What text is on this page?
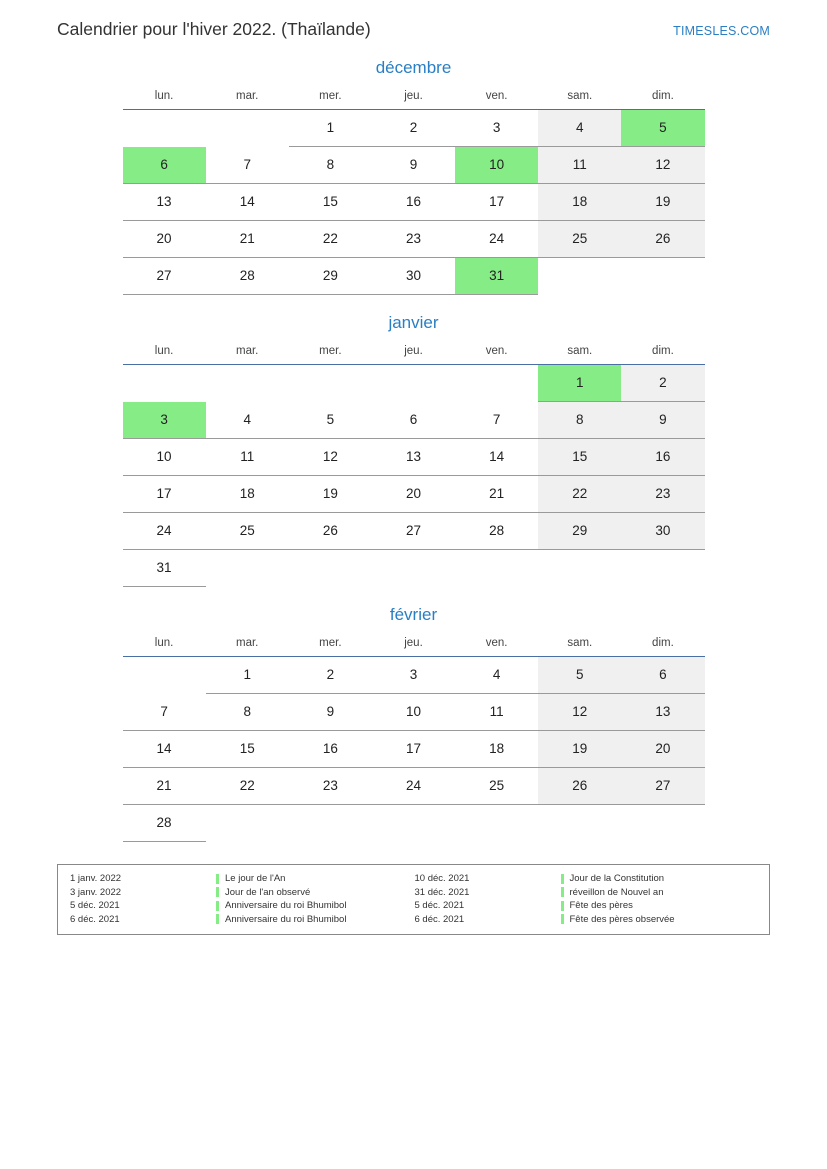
Calendrier pour l'hiver 2022. (Thaïlande)	TIMESLES.COM
décembre
lun.	mar.	mer.	jeu.	ven.	sam.	dim.

		1	2	3	4	5

6	7	8	9	10	11	12

13	14	15	16	17	18	19

20	21	22	23	24	25	26

27	28	29	30	31		

janvier
lun.	mar.	mer.	jeu.	ven.	sam.	dim.

					1	2

3	4	5	6	7	8	9

10	11	12	13	14	15	16

17	18	19	20	21	22	23

24	25	26	27	28	29	30

31						

février
lun.	mar.	mer.	jeu.	ven.	sam.	dim.

	1	2	3	4	5	6

7	8	9	10	11	12	13

14	15	16	17	18	19	20

21	22	23	24	25	26	27

28						

1 janv. 2022	Le jour de l'An
3 janv. 2022	Jour de l'an observé
5 déc. 2021	Anniversaire du roi Bhumibol
6 déc. 2021	Anniversaire du roi Bhumibol
10 déc. 2021	Jour de la Constitution
31 déc. 2021	réveillon de Nouvel an
5 déc. 2021	Fête des pères
6 déc. 2021	Fête des pères observée
